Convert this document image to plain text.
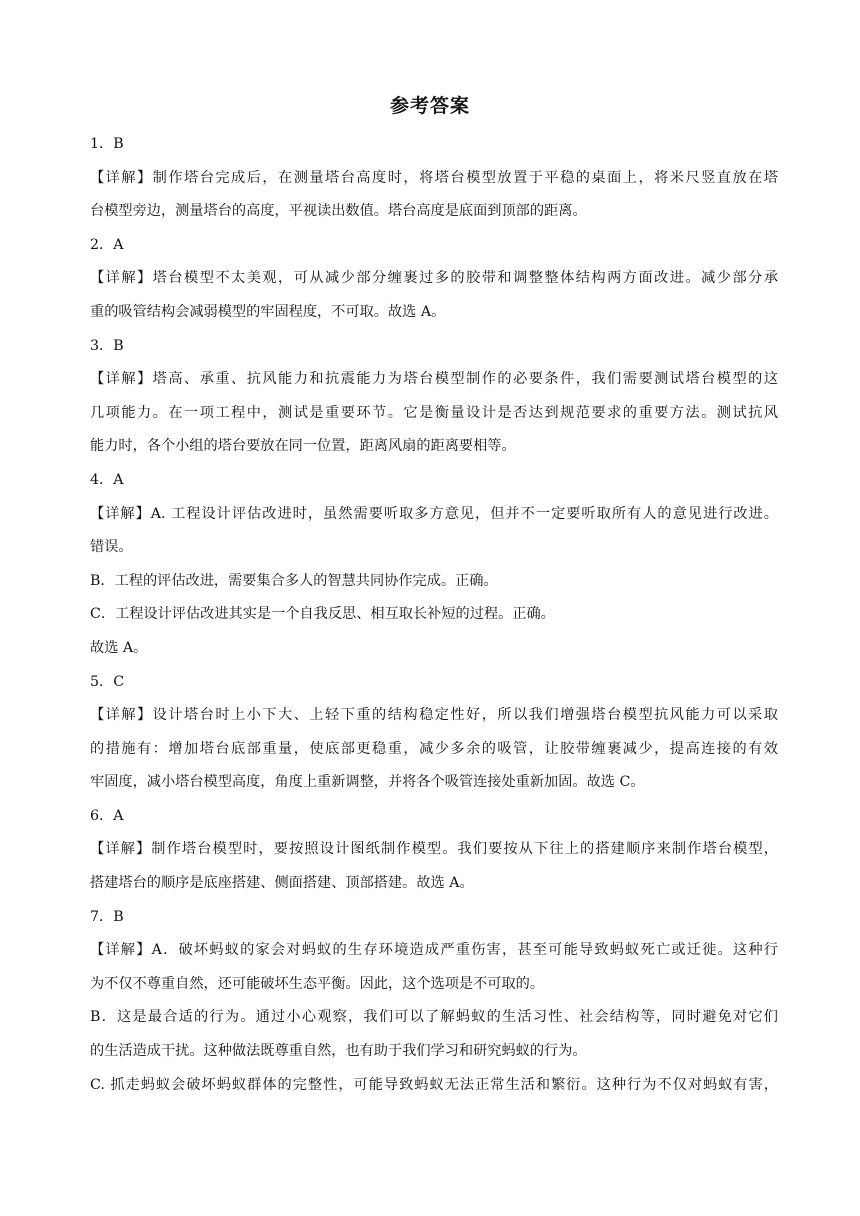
参考答案
1．B
【详解】制作塔台完成后，在测量塔台高度时，将塔台模型放置于平稳的桌面上，将米尺竖直放在塔
台模型旁边，测量塔台的高度，平视读出数值。塔台高度是底面到顶部的距离。
2．A
【详解】塔台模型不太美观，可从减少部分缠裹过多的胶带和调整整体结构两方面改进。减少部分承
重的吸管结构会减弱模型的牢固程度，不可取。故选 A。
3．B
【详解】塔高、承重、抗风能力和抗震能力为塔台模型制作的必要条件，我们需要测试塔台模型的这
几项能力。在一项工程中，测试是重要环节。它是衡量设计是否达到规范要求的重要方法。测试抗风
能力时，各个小组的塔台要放在同一位置，距离风扇的距离要相等。
4．A
【详解】A. 工程设计评估改进时，虽然需要听取多方意见，但并不一定要听取所有人的意见进行改进。
错误。
B．工程的评估改进，需要集合多人的智慧共同协作完成。正确。
C．工程设计评估改进其实是一个自我反思、相互取长补短的过程。正确。
故选 A。
5．C
【详解】设计塔台时上小下大、上轻下重的结构稳定性好，所以我们增强塔台模型抗风能力可以采取
的措施有：增加塔台底部重量，使底部更稳重，减少多余的吸管，让胶带缠裹减少，提高连接的有效
牢固度，减小塔台模型高度，角度上重新调整，并将各个吸管连接处重新加固。故选 C。
6．A
【详解】制作塔台模型时，要按照设计图纸制作模型。我们要按从下往上的搭建顺序来制作塔台模型，
搭建塔台的顺序是底座搭建、侧面搭建、顶部搭建。故选 A。
7．B
【详解】A．破坏蚂蚁的家会对蚂蚁的生存环境造成严重伤害，甚至可能导致蚂蚁死亡或迁徙。这种行
为不仅不尊重自然，还可能破坏生态平衡。因此，这个选项是不可取的。
B．这是最合适的行为。通过小心观察，我们可以了解蚂蚁的生活习性、社会结构等，同时避免对它们
的生活造成干扰。这种做法既尊重自然，也有助于我们学习和研究蚂蚁的行为。
C. 抓走蚂蚁会破坏蚂蚁群体的完整性，可能导致蚂蚁无法正常生活和繁衍。这种行为不仅对蚂蚁有害，
